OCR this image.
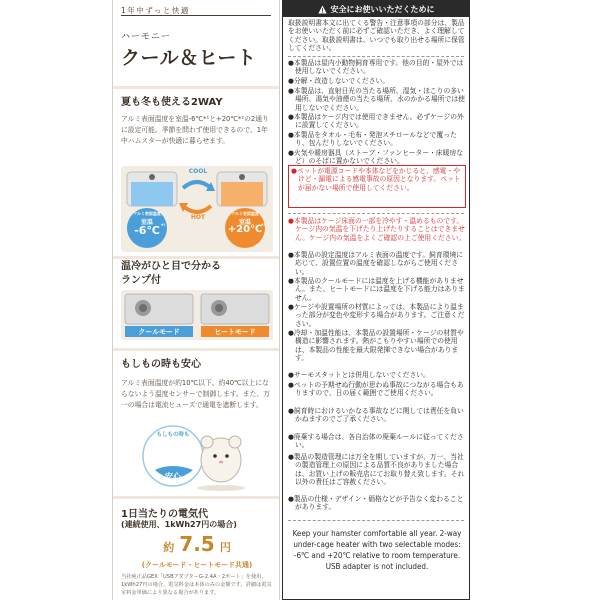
1年中ずっと快適
ハーモニー
クール＆ヒート
夏も冬も使える2WAY
アルミ表面温度を室温-6℃*¹と+20℃*²の2通りに設定可能。季節を問わず使用できるので、1年中ハムスターが快適に暮らせます。
COOL
HOT
アルミ表面温度
室温
-6℃ *¹
アルミ表面温度
室温
+20℃
*²
温冷がひと目で分かる
ランプ付
クールモード	ヒートモード
もしもの時も安心
アルミ表面温度が約10℃以下、約40℃以上にならないよう温度センサーで制御します。また、万一の場合は電流ヒューズで通電を遮断します。
もしもの時も
安心
1日当たりの電気代
(連続使用、1kWh27円の場合)
約 7.5 円
(クールモード・ヒートモード共通)
当社純正品GEX「USBアダプターG-2.4A・2ポート」を使用、1kWh27円の場合。電気料金は本体のみの金額です。詳細は電気室料金単価により異なる場合があります。
安全にお使いいただくために
取扱説明書本文に出てくる警告・注意事項の部分は、製品をお使いいただく前に必ずご確認いただき、よく理解してください。取扱説明書は、いつでも取り出せる場所に保管してください。
●本製品は屋内小動物飼育専用です。他の目的・屋外では使用しないでください。
●分解・改造しないでください。
●本製品は、直射日光の当たる場所、湿気・ほこりの多い場所、湯気や油煙の当たる場所、水のかかる場所では使用しないでください。
●本製品はケージ内では使用できません。必ずケージの外に設置してください。
●本製品をタオル・毛布・発泡スチロールなどで覆ったり、包んだりしないでください。
●火気や暖房器具（ストーブ・ファンヒーター・床暖房など）のそばに置かないでください。
●ペットが電源コードや本体などをかじると、感電・やけど・漏電による感電事故の原因となります。ペットが届かない場所で使用してください。
●本製品はケージ床面の一部を冷やす・温めるものです。ケージ内の気温を下げたり上げたりすることはできません。ケージ内の気温をよくご確認の上ご使用ください。
●本製品の設定温度はアルミ表面の温度です。飼育環境に応じて、設置位置の温度を確認しながらご使用ください。
●本製品のクールモードには温度を上げる機能がありません。また、ヒートモードには温度を下げる能力はありません。
●ケージや設置場所の材質によっては、本製品により温まった部分が変色や変形する場合があります。ご注意ください。
●冷却・加温性能は、本製品の設置場所・ケージの材質や構造に影響されます。熱がこもりやすい場所での使用は、本製品の性能を最大限発揮できない場合があります。
●サーモスタットとは併用しないでください。
●ペットの予期せぬ行動が思わぬ事故につながる場合もありますので、日の届く範囲でご使用ください。
●飼育時におけるいかなる事故などに関しては責任を負いかねますのでご了承ください。
●廃棄する場合は、各自治体の廃棄ルールに従ってください。
●製品の製造管理には万全を期していますが、万一、当社の製造管理上の原因による品質不良がありました場合は、お買い上げの販売店にてお取り替え致します。それ以外の責任はご容赦ください。
●製品の仕様・デザイン・価格などが予告なく変わることがあります。
Keep your hamster comfortable all year. 2-way under-cage heater with two selectable modes: -6℃ and +20℃ relative to room temperature. USB adapter is not included.
